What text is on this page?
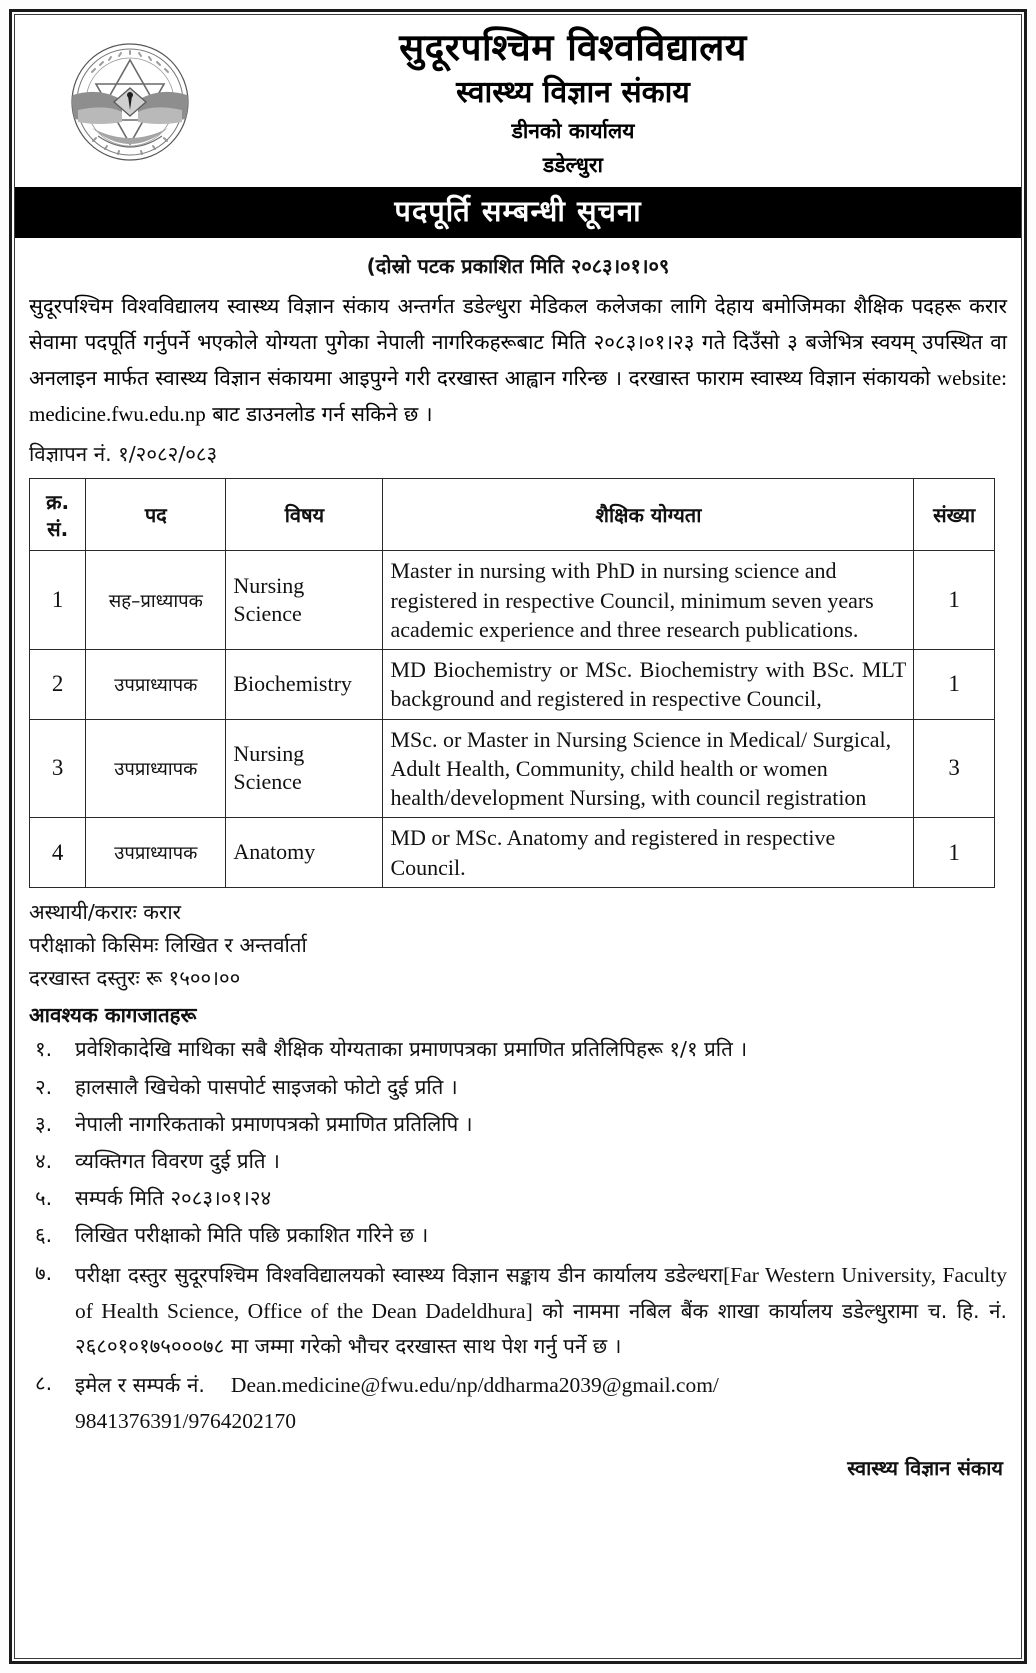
सुदूरपश्चिम विश्वविद्यालय
स्वास्थ्य विज्ञान संकाय
डीनको कार्यालय
डडेल्धुरा
पदपूर्ति सम्बन्धी सूचना
(दोस्रो पटक प्रकाशित मिति २०८३।०१।०९
सुदूरपश्चिम विश्वविद्यालय स्वास्थ्य विज्ञान संकाय अन्तर्गत डडेल्धुरा मेडिकल कलेजका लागि देहाय बमोजिमका शैक्षिक पदहरू करार सेवामा पदपूर्ति गर्नुपर्ने भएकोले योग्यता पुगेका नेपाली नागरिकहरूबाट मिति २०८३।०१।२३ गते दिउँसो ३ बजेभित्र स्वयम् उपस्थित वा अनलाइन मार्फत स्वास्थ्य विज्ञान संकायमा आइपुग्ने गरी दरखास्त आह्वान गरिन्छ । दरखास्त फाराम स्वास्थ्य विज्ञान संकायको website: medicine.fwu.edu.np बाट डाउनलोड गर्न सकिने छ ।
विज्ञापन नं. १/२०८२/०८३
क्र. सं.	पद	विषय	शैक्षिक योग्यता	संख्या
1	सह–प्राध्यापक	Nursing Science	Master in nursing with PhD in nursing science and registered in respective Council, minimum seven years academic experience and three research publications.	1
2	उपप्राध्यापक	Biochemistry	MD Biochemistry or MSc. Biochemistry with BSc. MLT background and registered in respective Council,	1
3	उपप्राध्यापक	Nursing Science	MSc. or Master in Nursing Science in Medical/ Surgical, Adult Health, Community, child health or women health/development Nursing, with council registration	3
4	उपप्राध्यापक	Anatomy	MD or MSc. Anatomy and registered in respective Council.	1

अस्थायी/करारः करार

परीक्षाको किसिमः लिखित र अन्तर्वार्ता

दरखास्त दस्तुरः रू १५००।००

आवश्यक कागजातहरू
१.	प्रवेशिकादेखि माथिका सबै शैक्षिक योग्यताका प्रमाणपत्रका प्रमाणित प्रतिलिपिहरू १/१ प्रति ।
२.	हालसालै खिचेको पासपोर्ट साइजको फोटो दुई प्रति ।
३.	नेपाली नागरिकताको प्रमाणपत्रको प्रमाणित प्रतिलिपि ।
४.	व्यक्तिगत विवरण दुई प्रति ।
५.	सम्पर्क मिति २०८३।०१।२४
६.	लिखित परीक्षाको मिति पछि प्रकाशित गरिने छ ।
७.	परीक्षा दस्तुर सुदूरपश्चिम विश्वविद्यालयको स्वास्थ्य विज्ञान सङ्काय डीन कार्यालय डडेल्धरा[Far Western University, Faculty of Health Science, Office of the Dean Dadeldhura] को नाममा नबिल बैंक शाखा कार्यालय डडेल्धुरामा च. हि. नं. २६८०१०१७५०००७८ मा जम्मा गरेको भौचर दरखास्त साथ पेश गर्नु पर्ने छ ।
८.	इमेल र सम्पर्क नं. Dean.medicine@fwu.edu/np/ddharma2039@gmail.com/
9841376391/9764202170
स्वास्थ्य विज्ञान संकाय
